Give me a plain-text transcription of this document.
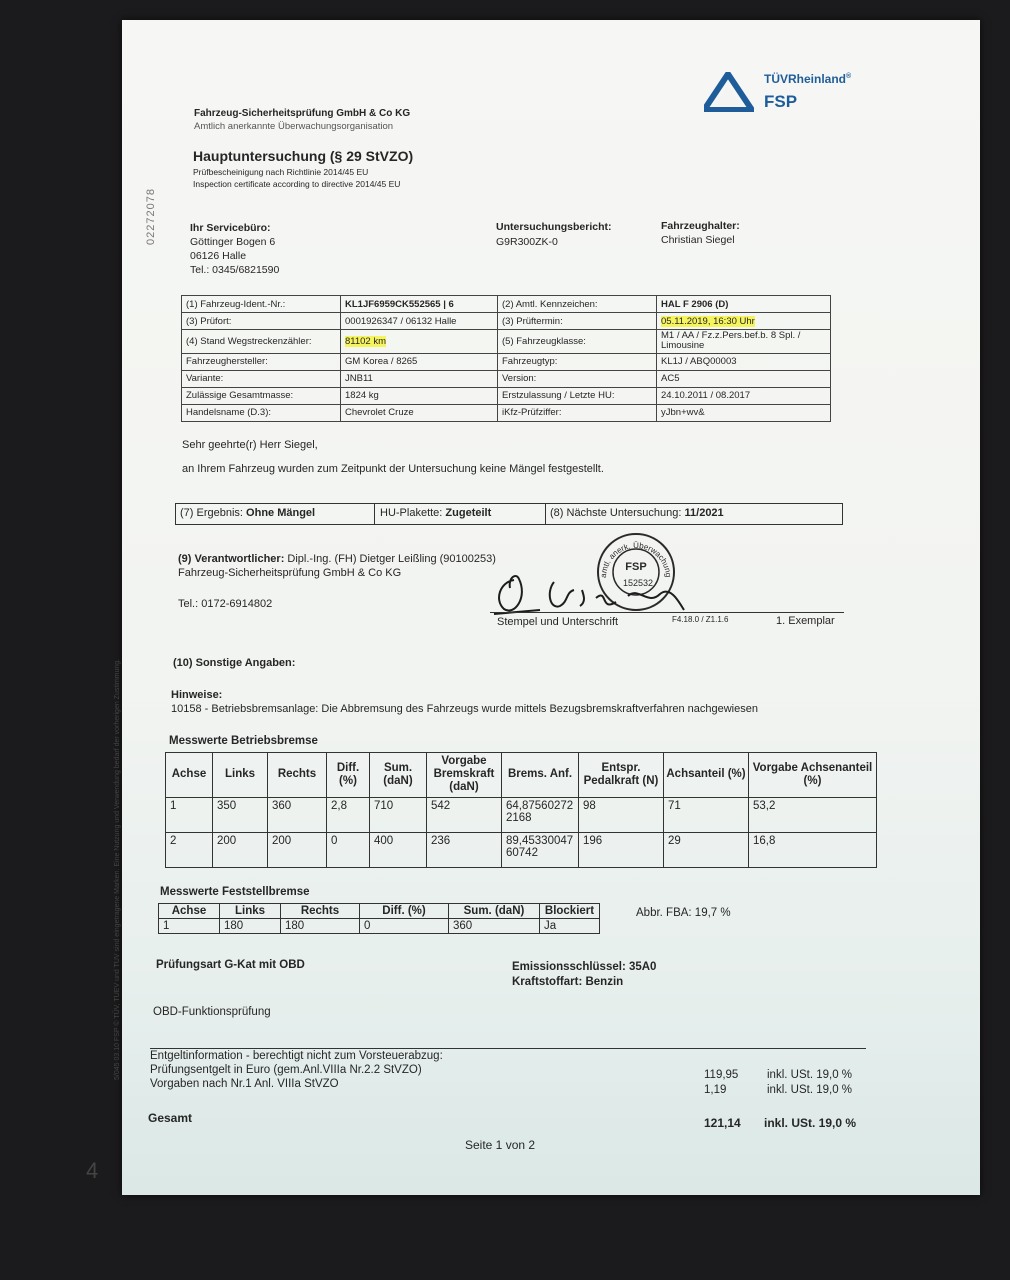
Fahrzeug-Sicherheitsprüfung GmbH & Co KG
Amtlich anerkannte Überwachungsorganisation
TÜVRheinland®
FSP
Hauptuntersuchung (§ 29 StVZO)
Prüfbescheinigung nach Richtlinie 2014/45 EU
Inspection certificate according to directive 2014/45 EU
02272078	Ihr Servicebüro:
Göttinger Bogen 6
06126 Halle
Tel.: 0345/6821590
Untersuchungsbericht:
G9R300ZK-0
Fahrzeughalter:
Christian Siegel
(1) Fahrzeug-Ident.-Nr.:	KL1JF6959CK552565 | 6	(2) Amtl. Kennzeichen:	HAL F 2906 (D)
(3) Prüfort:	0001926347 / 06132 Halle	(3) Prüftermin:	05.11.2019, 16:30 Uhr
(4) Stand Wegstreckenzähler:	81102 km	(5) Fahrzeugklasse:	M1 / AA / Fz.z.Pers.bef.b. 8 Spl. / Limousine
Fahrzeughersteller:	GM Korea / 8265	Fahrzeugtyp:	KL1J / ABQ00003
Variante:	JNB11	Version:	AC5
Zulässige Gesamtmasse:	1824 kg	Erstzulassung / Letzte HU:	24.10.2011 / 08.2017
Handelsname (D.3):	Chevrolet Cruze	iKfz-Prüfziffer:	yJbn+wv&
Sehr geehrte(r) Herr Siegel,
an Ihrem Fahrzeug wurden zum Zeitpunkt der Untersuchung keine Mängel festgestellt.
(7) Ergebnis: Ohne Mängel	HU-Plakette: Zugeteilt	(8) Nächste Untersuchung: 11/2021
(9) Verantwortlicher: Dipl.-Ing. (FH) Dietger Leißling (90100253)
Fahrzeug-Sicherheitsprüfung GmbH & Co KG
Tel.: 0172-6914802
amtl. anerk. Überwachung
FSP
152532
Stempel und Unterschrift	F4.18.0 / Z1.1.6	1. Exemplar
(10) Sonstige Angaben:
Hinweise:
10158 - Betriebsbremsanlage: Die Abbremsung des Fahrzeugs wurde mittels Bezugsbremskraftverfahren nachgewiesen
Messwerte Betriebsbremse
Achse	Links	Rechts	Diff. (%)	Sum. (daN)	Vorgabe Bremskraft (daN)	Brems. Anf.	Entspr. Pedalkraft (N)	Achsanteil (%)	Vorgabe Achsenanteil (%)
1	350	360	2,8	710	542	64,87560272 2168	98	71	53,2
2	200	200	0	400	236	89,45330047 60742	196	29	16,8
Messwerte Feststellbremse
Achse	Links	Rechts	Diff. (%)	Sum. (daN)	Blockiert
1	180	180	0	360	Ja
Abbr. FBA: 19,7 %
Prüfungsart G-Kat mit OBD	Emissionsschlüssel: 35A0
Kraftstoffart: Benzin
OBD-Funktionsprüfung
Entgeltinformation - berechtigt nicht zum Vorsteuerabzug:
Prüfungsentgelt in Euro (gem.Anl.VIIIa Nr.2.2 StVZO)	119,95 inkl. USt. 19,0 %
Vorgaben nach Nr.1 Anl. VIIIa StVZO	1,19	inkl. USt. 19,0 %
Gesamt	121,14 inkl. USt. 19,0 %
Seite 1 von 2
5/045 03.10 FSP © TÜV, TUEV und TUV sind eingetragene Marken. Eine Nutzung und Verwendung bedarf der vorherigen Zustimmung.
4
